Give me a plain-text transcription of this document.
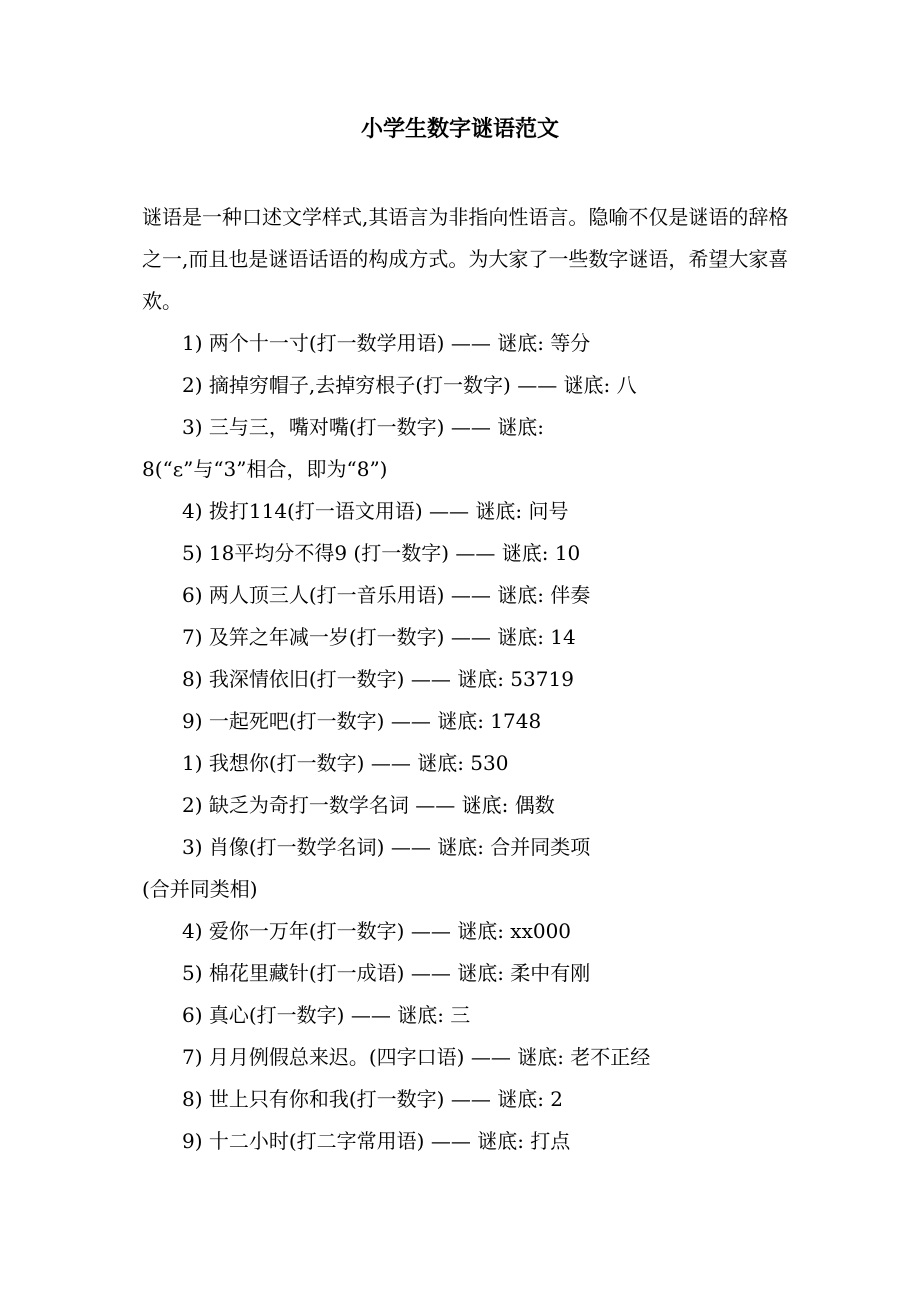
小学生数字谜语范文
谜语是一种口述文学样式,其语言为非指向性语言。隐喻不仅是谜语的辞格之一,而且也是谜语话语的构成方式。为大家了一些数字谜语，希望大家喜欢。
1) 两个十一寸(打一数学用语) —— 谜底: 等分
2) 摘掉穷帽子,去掉穷根子(打一数字) —— 谜底: 八
3) 三与三，嘴对嘴(打一数字) —— 谜底:
8(“ε”与“3”相合，即为“8”)
4) 拨打114(打一语文用语) —— 谜底: 问号
5) 18平均分不得9 (打一数字) —— 谜底: 10
6) 两人顶三人(打一音乐用语) —— 谜底: 伴奏
7) 及笄之年减一岁(打一数字) —— 谜底: 14
8) 我深情依旧(打一数字) —— 谜底: 53719
9) 一起死吧(打一数字) —— 谜底: 1748
1) 我想你(打一数字) —— 谜底: 530
2) 缺乏为奇打一数学名词 —— 谜底: 偶数
3) 肖像(打一数学名词) —— 谜底: 合并同类项
(合并同类相)
4) 爱你一万年(打一数字) —— 谜底: xx000
5) 棉花里藏针(打一成语) —— 谜底: 柔中有刚
6) 真心(打一数字) —— 谜底: 三
7) 月月例假总来迟。(四字口语) —— 谜底: 老不正经
8) 世上只有你和我(打一数字) —— 谜底: 2
9) 十二小时(打二字常用语) —— 谜底: 打点
